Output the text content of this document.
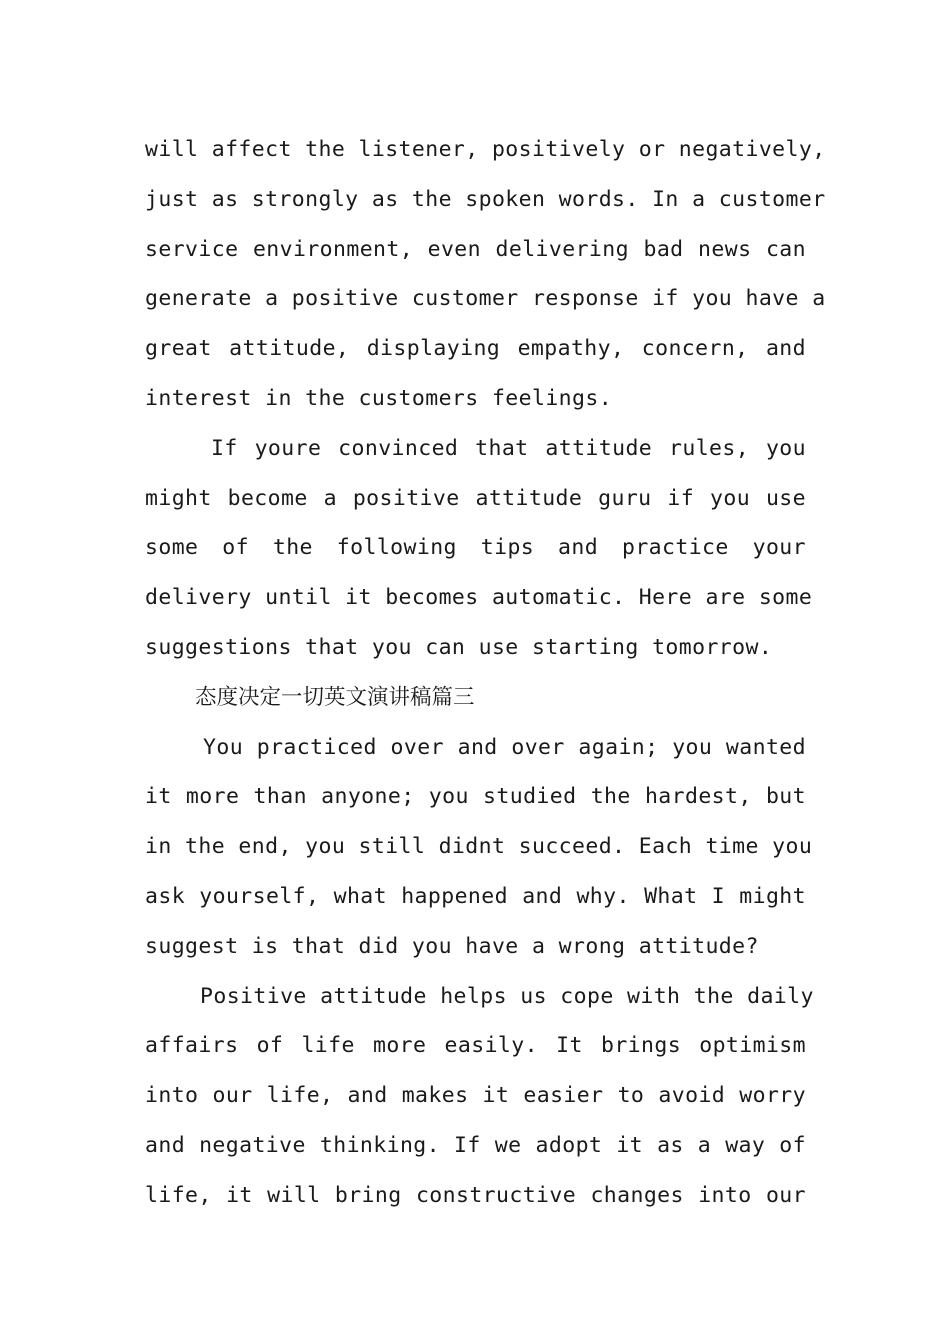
will affect the listener, positively or negatively,
just as strongly as the spoken words. In a customer
service environment, even delivering bad news can
generate a positive customer response if you have a
great attitude, displaying empathy, concern, and
interest in the customers feelings.
If youre convinced that attitude rules, you
might become a positive attitude guru if you use
some of the following tips and practice your
delivery until it becomes automatic. Here are some
suggestions that you can use starting tomorrow.
态度决定一切英文演讲稿篇三
You practiced over and over again; you wanted
it more than anyone; you studied the hardest, but
in the end, you still didnt succeed. Each time you
ask yourself, what happened and why. What I might
suggest is that did you have a wrong attitude?
Positive attitude helps us cope with the daily
affairs of life more easily. It brings optimism
into our life, and makes it easier to avoid worry
and negative thinking. If we adopt it as a way of
life, it will bring constructive changes into our
